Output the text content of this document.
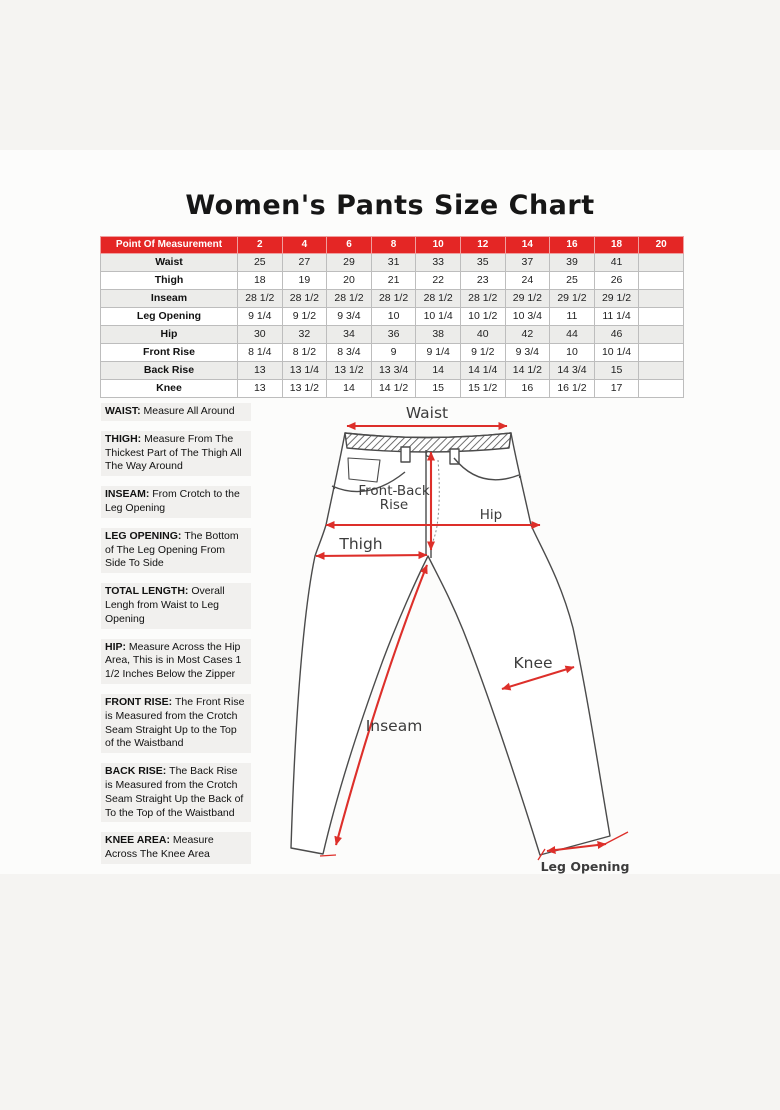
Women's Pants Size Chart
Point Of Measurement	2	4	6	8	10	12	14	16	18	20
Waist	25	27	29	31	33	35	37	39	41	
Thigh	18	19	20	21	22	23	24	25	26	
Inseam	28 1/2	28 1/2	28 1/2	28 1/2	28 1/2	28 1/2	29 1/2	29 1/2	29 1/2	
Leg Opening	9 1/4	9 1/2	9 3/4	10	10 1/4	10 1/2	10 3/4	11	11 1/4	
Hip	30	32	34	36	38	40	42	44	46	
Front Rise	8 1/4	8 1/2	8 3/4	9	9 1/4	9 1/2	9 3/4	10	10 1/4	
Back Rise	13	13 1/4	13 1/2	13 3/4	14	14 1/4	14 1/2	14 3/4	15	
Knee	13	13 1/2	14	14 1/2	15	15 1/2	16	16 1/2	17	
WAIST: Measure All Around
THIGH: Measure From The Thickest Part of The Thigh All The Way Around
INSEAM: From Crotch to the Leg Opening
LEG OPENING: The Bottom of The Leg Opening From Side To Side
TOTAL LENGTH: Overall Lengh from Waist to Leg Opening
HIP: Measure Across the Hip Area, This is in Most Cases 1 1/2 Inches Below the Zipper
FRONT RISE: The Front Rise is Measured from the Crotch Seam Straight Up to the Top of the Waistband
BACK RISE: The Back Rise is Measured from the Crotch Seam Straight Up the Back of To the Top of the Waistband
KNEE AREA: Measure Across The Knee Area
Waist
Front-Back
Rise
Hip
Thigh
Knee
Inseam
Leg Opening
